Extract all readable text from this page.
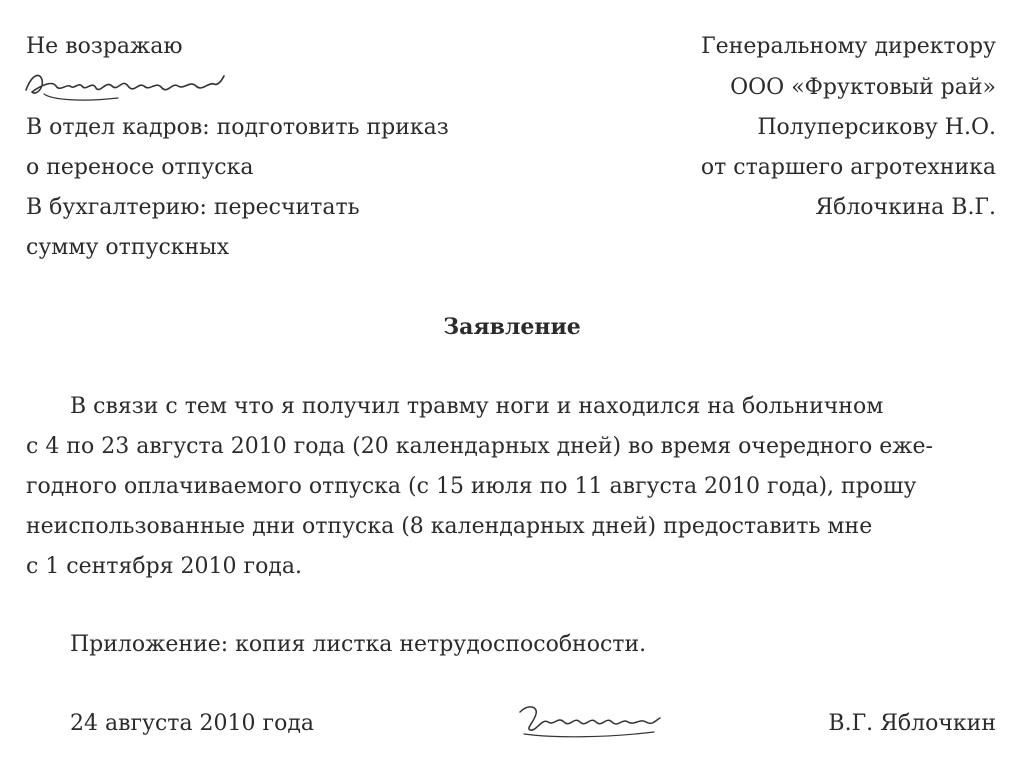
Не возражаю
В отдел кадров: подготовить приказ
о переносе отпуска
В бухгалтерию: пересчитать
сумму отпускных
Генеральному директору
ООО «Фруктовый рай»
Полуперсикову Н.О.
от старшего агротехника
Яблочкина В.Г.
Заявление
В связи с тем что я получил травму ноги и находился на больничном
с 4 по 23 августа 2010 года (20 календарных дней) во время очередного еже-
годного оплачиваемого отпуска (с 15 июля по 11 августа 2010 года), прошу
неиспользованные дни отпуска (8 календарных дней) предоставить мне
с 1 сентября 2010 года.
Приложение: копия листка нетрудоспособности.
24 августа 2010 года	В.Г. Яблочкин
